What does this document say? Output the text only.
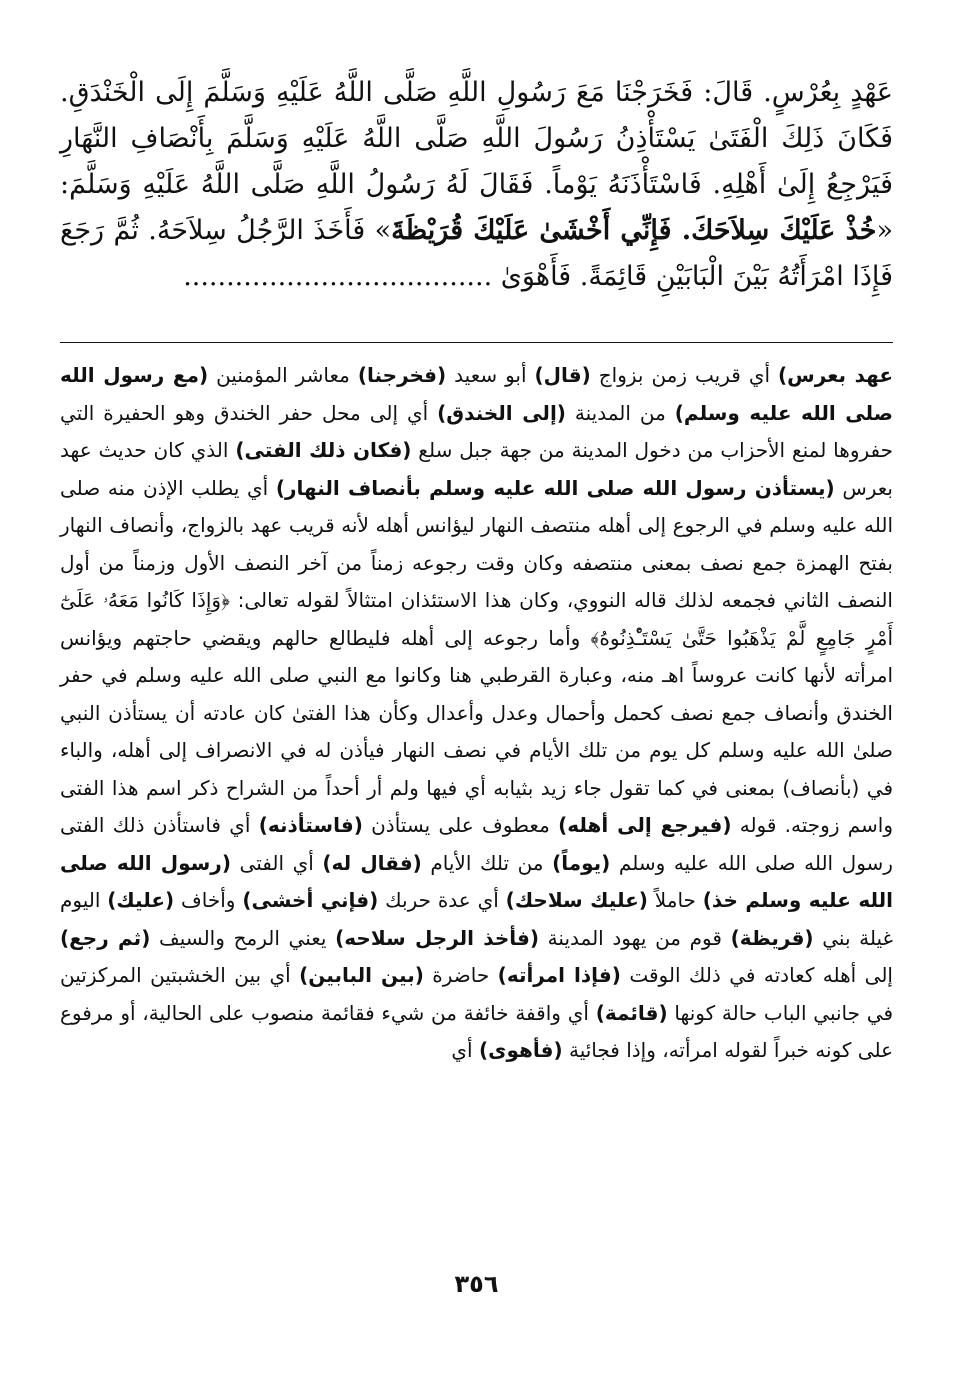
عَهْدٍ بِعُرْسٍ. قَالَ: فَخَرَجْنَا مَعَ رَسُولِ اللَّهِ صَلَّى اللَّهُ عَلَيْهِ وَسَلَّمَ إِلَى الْخَنْدَقِ. فَكَانَ ذَلِكَ الْفَتَىٰ يَسْتَأْذِنُ رَسُولَ اللَّهِ صَلَّى اللَّهُ عَلَيْهِ وَسَلَّمَ بِأَنْصَافِ النَّهَارِ فَيَرْجِعُ إِلَىٰ أَهْلِهِ. فَاسْتَأْذَنَهُ يَوْماً. فَقَالَ لَهُ رَسُولُ اللَّهِ صَلَّى اللَّهُ عَلَيْهِ وَسَلَّمَ: «خُذْ عَلَيْكَ سِلاَحَكَ. فَإِنِّي أَخْشَىٰ عَلَيْكَ قُرَيْظَةَ» فَأَخَذَ الرَّجُلُ سِلاَحَهُ. ثُمَّ رَجَعَ فَإِذَا امْرَأَتُهُ بَيْنَ الْبَابَيْنِ قَائِمَةً. فَأَهْوَىٰ ....................................

عهد بعرس) أي قريب زمن بزواج (قال) أبو سعيد (فخرجنا) معاشر المؤمنين (مع رسول الله صلى الله عليه وسلم) من المدينة (إلى الخندق) أي إلى محل حفر الخندق وهو الحفيرة التي حفروها لمنع الأحزاب من دخول المدينة من جهة جبل سلع (فكان ذلك الفتى) الذي كان حديث عهد بعرس (يستأذن رسول الله صلى الله عليه وسلم بأنصاف النهار) أي يطلب الإذن منه صلى الله عليه وسلم في الرجوع إلى أهله منتصف النهار ليؤانس أهله لأنه قريب عهد بالزواج، وأنصاف النهار بفتح الهمزة جمع نصف بمعنى منتصفه وكان وقت رجوعه زمناً من آخر النصف الأول وزمناً من أول النصف الثاني فجمعه لذلك قاله النووي، وكان هذا الاستئذان امتثالاً لقوله تعالى: ﴿وَإِذَا كَانُوا مَعَهُۥ عَلَىٰٓ أَمْرٍ جَامِعٍ لَّمْ يَذْهَبُوا حَتَّىٰ يَسْتَـْٔذِنُوهُ﴾ وأما رجوعه إلى أهله فليطالع حالهم ويقضي حاجتهم ويؤانس امرأته لأنها كانت عروساً اهـ منه، وعبارة القرطبي هنا وكانوا مع النبي صلى الله عليه وسلم في حفر الخندق وأنصاف جمع نصف كحمل وأحمال وعدل وأعدال وكأن هذا الفتىٰ كان عادته أن يستأذن النبي صلىٰ الله عليه وسلم كل يوم من تلك الأيام في نصف النهار فيأذن له في الانصراف إلى أهله، والباء في (بأنصاف) بمعنى في كما تقول جاء زيد بثيابه أي فيها ولم أر أحداً من الشراح ذكر اسم هذا الفتى واسم زوجته. قوله (فيرجع إلى أهله) معطوف على يستأذن (فاستأذنه) أي فاستأذن ذلك الفتى رسول الله صلى الله عليه وسلم (يوماً) من تلك الأيام (فقال له) أي الفتى (رسول الله صلى الله عليه وسلم خذ) حاملاً (عليك سلاحك) أي عدة حربك (فإني أخشى) وأخاف (عليك) اليوم غيلة بني (قريظة) قوم من يهود المدينة (فأخذ الرجل سلاحه) يعني الرمح والسيف (ثم رجع) إلى أهله كعادته في ذلك الوقت (فإذا امرأته) حاضرة (بين البابين) أي بين الخشبتين المركزتين في جانبي الباب حالة كونها (قائمة) أي واقفة خائفة من شيء فقائمة منصوب على الحالية، أو مرفوع على كونه خبراً لقوله امرأته، وإذا فجائية (فأهوى) أي

٣٥٦
